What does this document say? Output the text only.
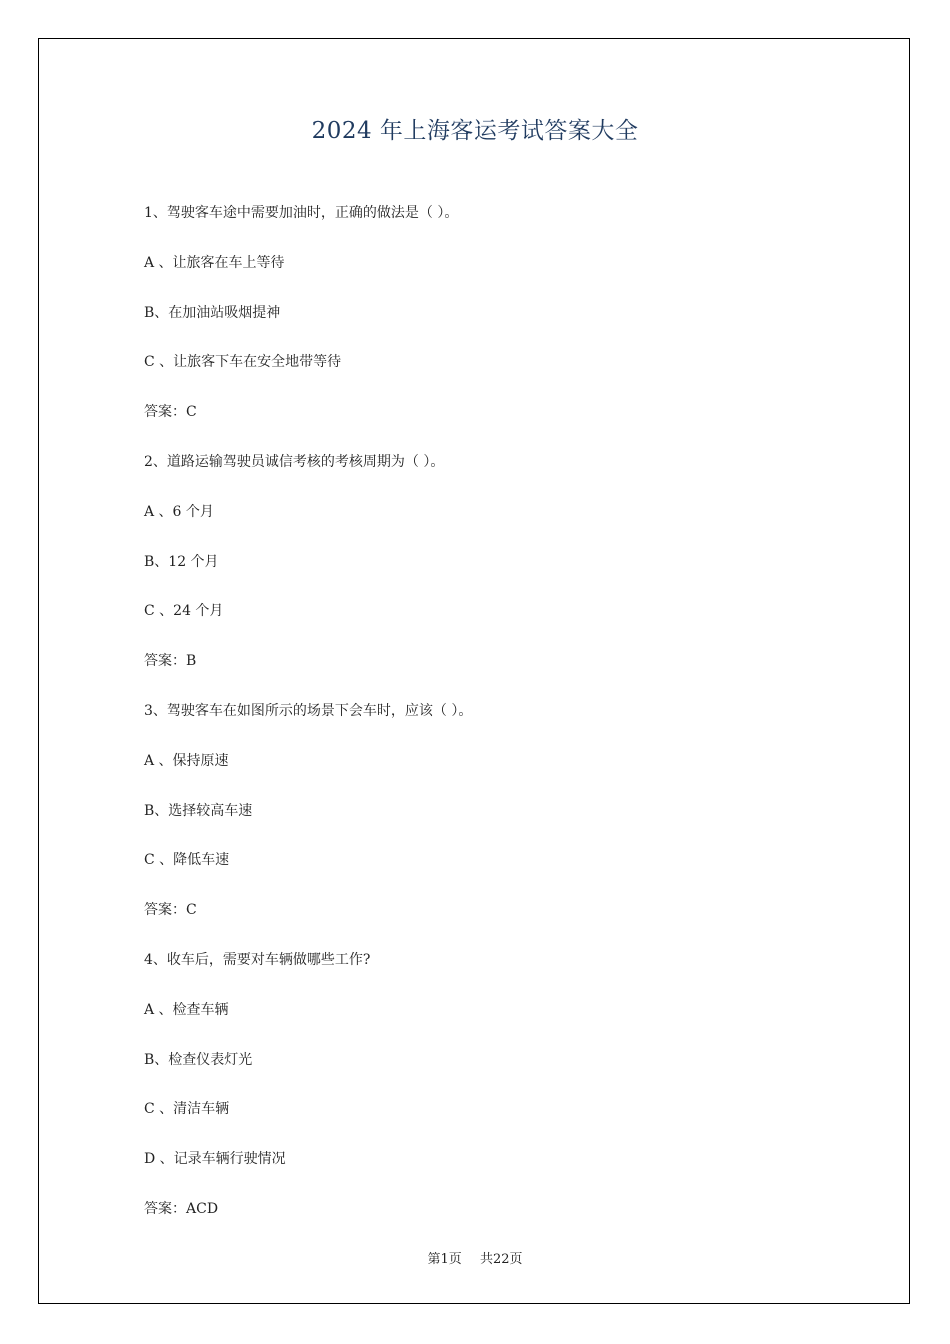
2024 年上海客运考试答案大全
1、驾驶客车途中需要加油时，正确的做法是（ ）。
A 、让旅客在车上等待
B、在加油站吸烟提神
C 、让旅客下车在安全地带等待
答案：C
2、道路运输驾驶员诚信考核的考核周期为（ ）。
A 、6 个月
B、12 个月
C 、24 个月
答案：B
3、驾驶客车在如图所示的场景下会车时，应该（ ）。
A 、保持原速
B、选择较高车速
C 、降低车速
答案：C
4、收车后，需要对车辆做哪些工作?
A 、检查车辆
B、检查仪表灯光
C 、清洁车辆
D 、记录车辆行驶情况
答案：ACD
第1页 共22页
